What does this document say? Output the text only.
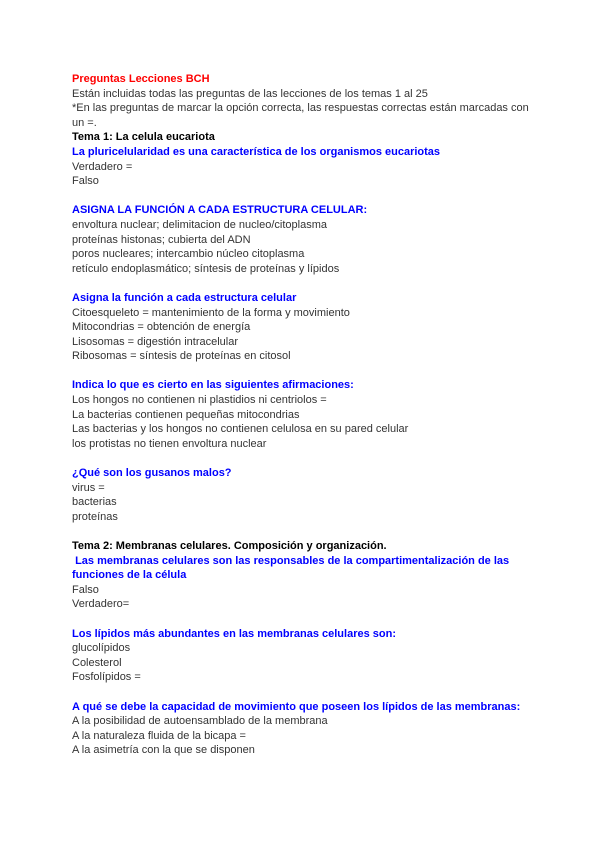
Preguntas Lecciones BCH
Están incluidas todas las preguntas de las lecciones de los temas 1 al 25
*En las preguntas de marcar la opción correcta, las respuestas correctas están marcadas con un =.
Tema 1: La celula eucariota
La pluricelularidad es una característica de los organismos eucariotas
Verdadero =
Falso
ASIGNA LA FUNCIÓN A CADA ESTRUCTURA CELULAR:
envoltura nuclear; delimitacion de nucleo/citoplasma
proteínas histonas; cubierta del ADN
poros nucleares; intercambio núcleo citoplasma
retículo endoplasmático; síntesis de proteínas y lípidos
Asigna la función a cada estructura celular
Citoesqueleto = mantenimiento de la forma y movimiento
Mitocondrias = obtención de energía
Lisosomas = digestión intracelular
Ribosomas = síntesis de proteínas en citosol
Indica lo que es cierto en las siguientes afirmaciones:
Los hongos no contienen ni plastidios ni centriolos =
La bacterias contienen pequeñas mitocondrias
Las bacterias y los hongos no contienen celulosa en su pared celular
los protistas no tienen envoltura nuclear
¿Qué son los gusanos malos?
virus =
bacterias
proteínas
Tema 2: Membranas celulares. Composición y organización.
Las membranas celulares son las responsables de la compartimentalización de las funciones de la célula
Falso
Verdadero=
Los lípidos más abundantes en las membranas celulares son:
glucolípidos
Colesterol
Fosfolípidos =
A qué se debe la capacidad de movimiento que poseen los lípidos de las membranas:
A la posibilidad de autoensamblado de la membrana
A la naturaleza fluida de la bicapa =
A la asimetría con la que se disponen
